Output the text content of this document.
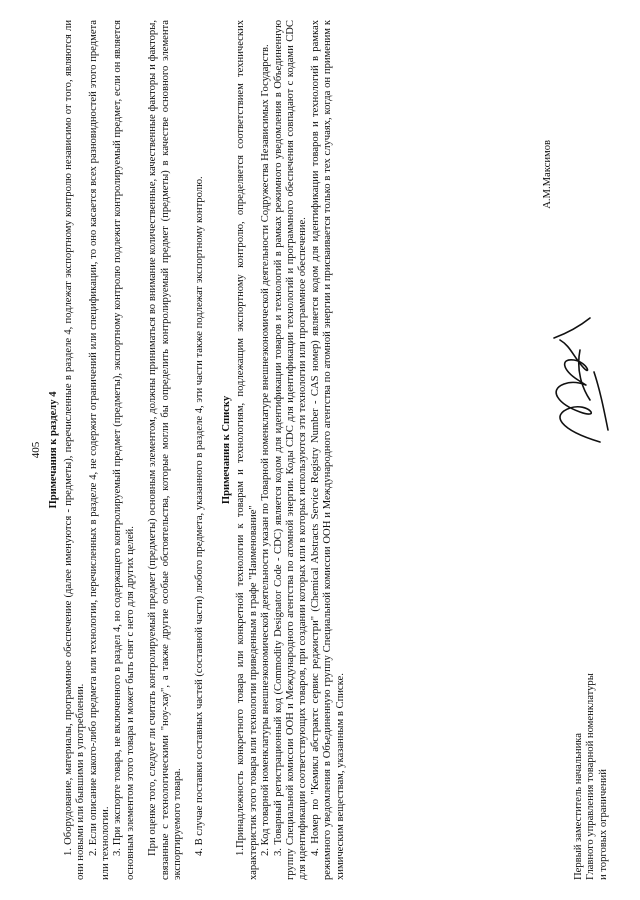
405 Примечания к разделу 4 1. Оборудование, материалы, программное обеспечение (далее именуются - предметы), перечисленные в разделе 4, подлежат экспортному контролю независимо от того, являются ли они новыми или бывшими в употреблении. 2. Если описание какого-либо предмета или технологии, перечисленных в разделе 4, не содержит ограничений или спецификации, то оно касается всех разновидностей этого предмета или технологии. 3. При экспорте товара, не включенного в раздел 4, но содержащего контролируемый предмет (предметы), экспортному контролю подлежит контролируемый предмет, если он является основным элементом этого товара и может быть снят с него для других целей. При оценке того, следует ли считать контролируемый предмет (предметы) основным элементом, должны приниматься во внимание количественные, качественные факторы и факторы, связанные с технологическими "ноу-хау", а также другие особые обстоятельства, которые могли бы определить контролируемый предмет (предметы) в качестве основного элемента экспортируемого товара. 4. В случае поставки составных частей (составной части) любого предмета, указанного в разделе 4, эти части также подлежат экспортному контролю. Примечания к Списку 1.Принадлежность конкретного товара или конкретной технологии к товарам и технологиям, подлежащим экспортному контролю, определяется соответствием технических характеристик этого товара или технологии приведенным в графе "Наименование" 2. Код товарной номенклатуры внешнеэкономической деятельности указан по Товарной номенклатуре внешнеэкономической деятельности Содружества Независимых Государств. 3. Товарный регистрационный код (Commodity Designator Code - CDC) является кодом для идентификации товаров и технологий в рамках режимного уведомления в Объединенную группу Специальной комиссии ООН и Международного агентства по атомной энергии. Коды CDC для идентификации технологий и программного обеспечения совпадают с кодами CDC для идентификации соответствующих товаров, при создании которых или в которых используются эти технологии или программное обеспечение. 4. Номер по "Кемикл абстрактс сервис реджистри" (Chemical Abstracts Service Registry Number - CAS номер) является кодом для идентификации товаров и технологий в рамках режимного уведомления в Объединенную группу Специальной комиссии ООН и Международного агентства по атомной энергии и присваивается только в тех случаях, когда он применим к химическим веществам, указанным в Списке.	Первый заместитель начальника Главного управления товарной номенклатуры и торговых ограничений
А.М.Максимов
